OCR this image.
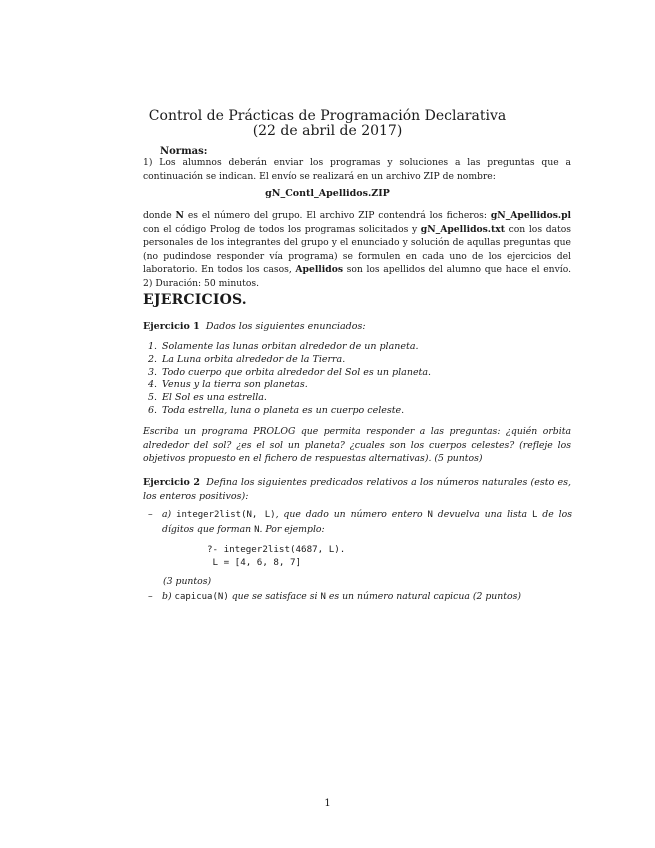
Control de Prácticas de Programación Declarativa
(22 de abril de 2017)
Normas:
1) Los alumnos deberán enviar los programas y soluciones a las preguntas que a continuación se indican. El envío se realizará en un archivo ZIP de nombre:
gN_Contl_Apellidos.ZIP
donde N es el número del grupo. El archivo ZIP contendrá los ficheros: gN_Apellidos.pl con el código Prolog de todos los programas solicitados y gN_Apellidos.txt con los datos personales de los integrantes del grupo y el enunciado y solución de aqullas preguntas que (no pudindose responder vía programa) se formulen en cada uno de los ejercicios del laboratorio. En todos los casos, Apellidos son los apellidos del alumno que hace el envío. 2) Duración: 50 minutos.
EJERCICIOS.
Ejercicio 1 Dados los siguientes enunciados:
1. Solamente las lunas orbitan alrededor de un planeta.
2. La Luna orbita alrededor de la Tierra.
3. Todo cuerpo que orbita alrededor del Sol es un planeta.
4. Venus y la tierra son planetas.
5. El Sol es una estrella.
6. Toda estrella, luna o planeta es un cuerpo celeste.
Escriba un programa PROLOG que permita responder a las preguntas: ¿quién orbita alrededor del sol? ¿es el sol un planeta? ¿cuales son los cuerpos celestes? (refleje los objetivos propuesto en el fichero de respuestas alternativas). (5 puntos)
Ejercicio 2 Defina los siguientes predicados relativos a los números naturales (esto es, los enteros positivos):
– a) integer2list(N, L), que dado un número entero N devuelva una lista L de los dígitos que forman N. Por ejemplo:
?- integer2list(4687, L).
L = [4, 6, 8, 7]
(3 puntos)
– b) capicua(N) que se satisface si N es un número natural capicua (2 puntos)
1
